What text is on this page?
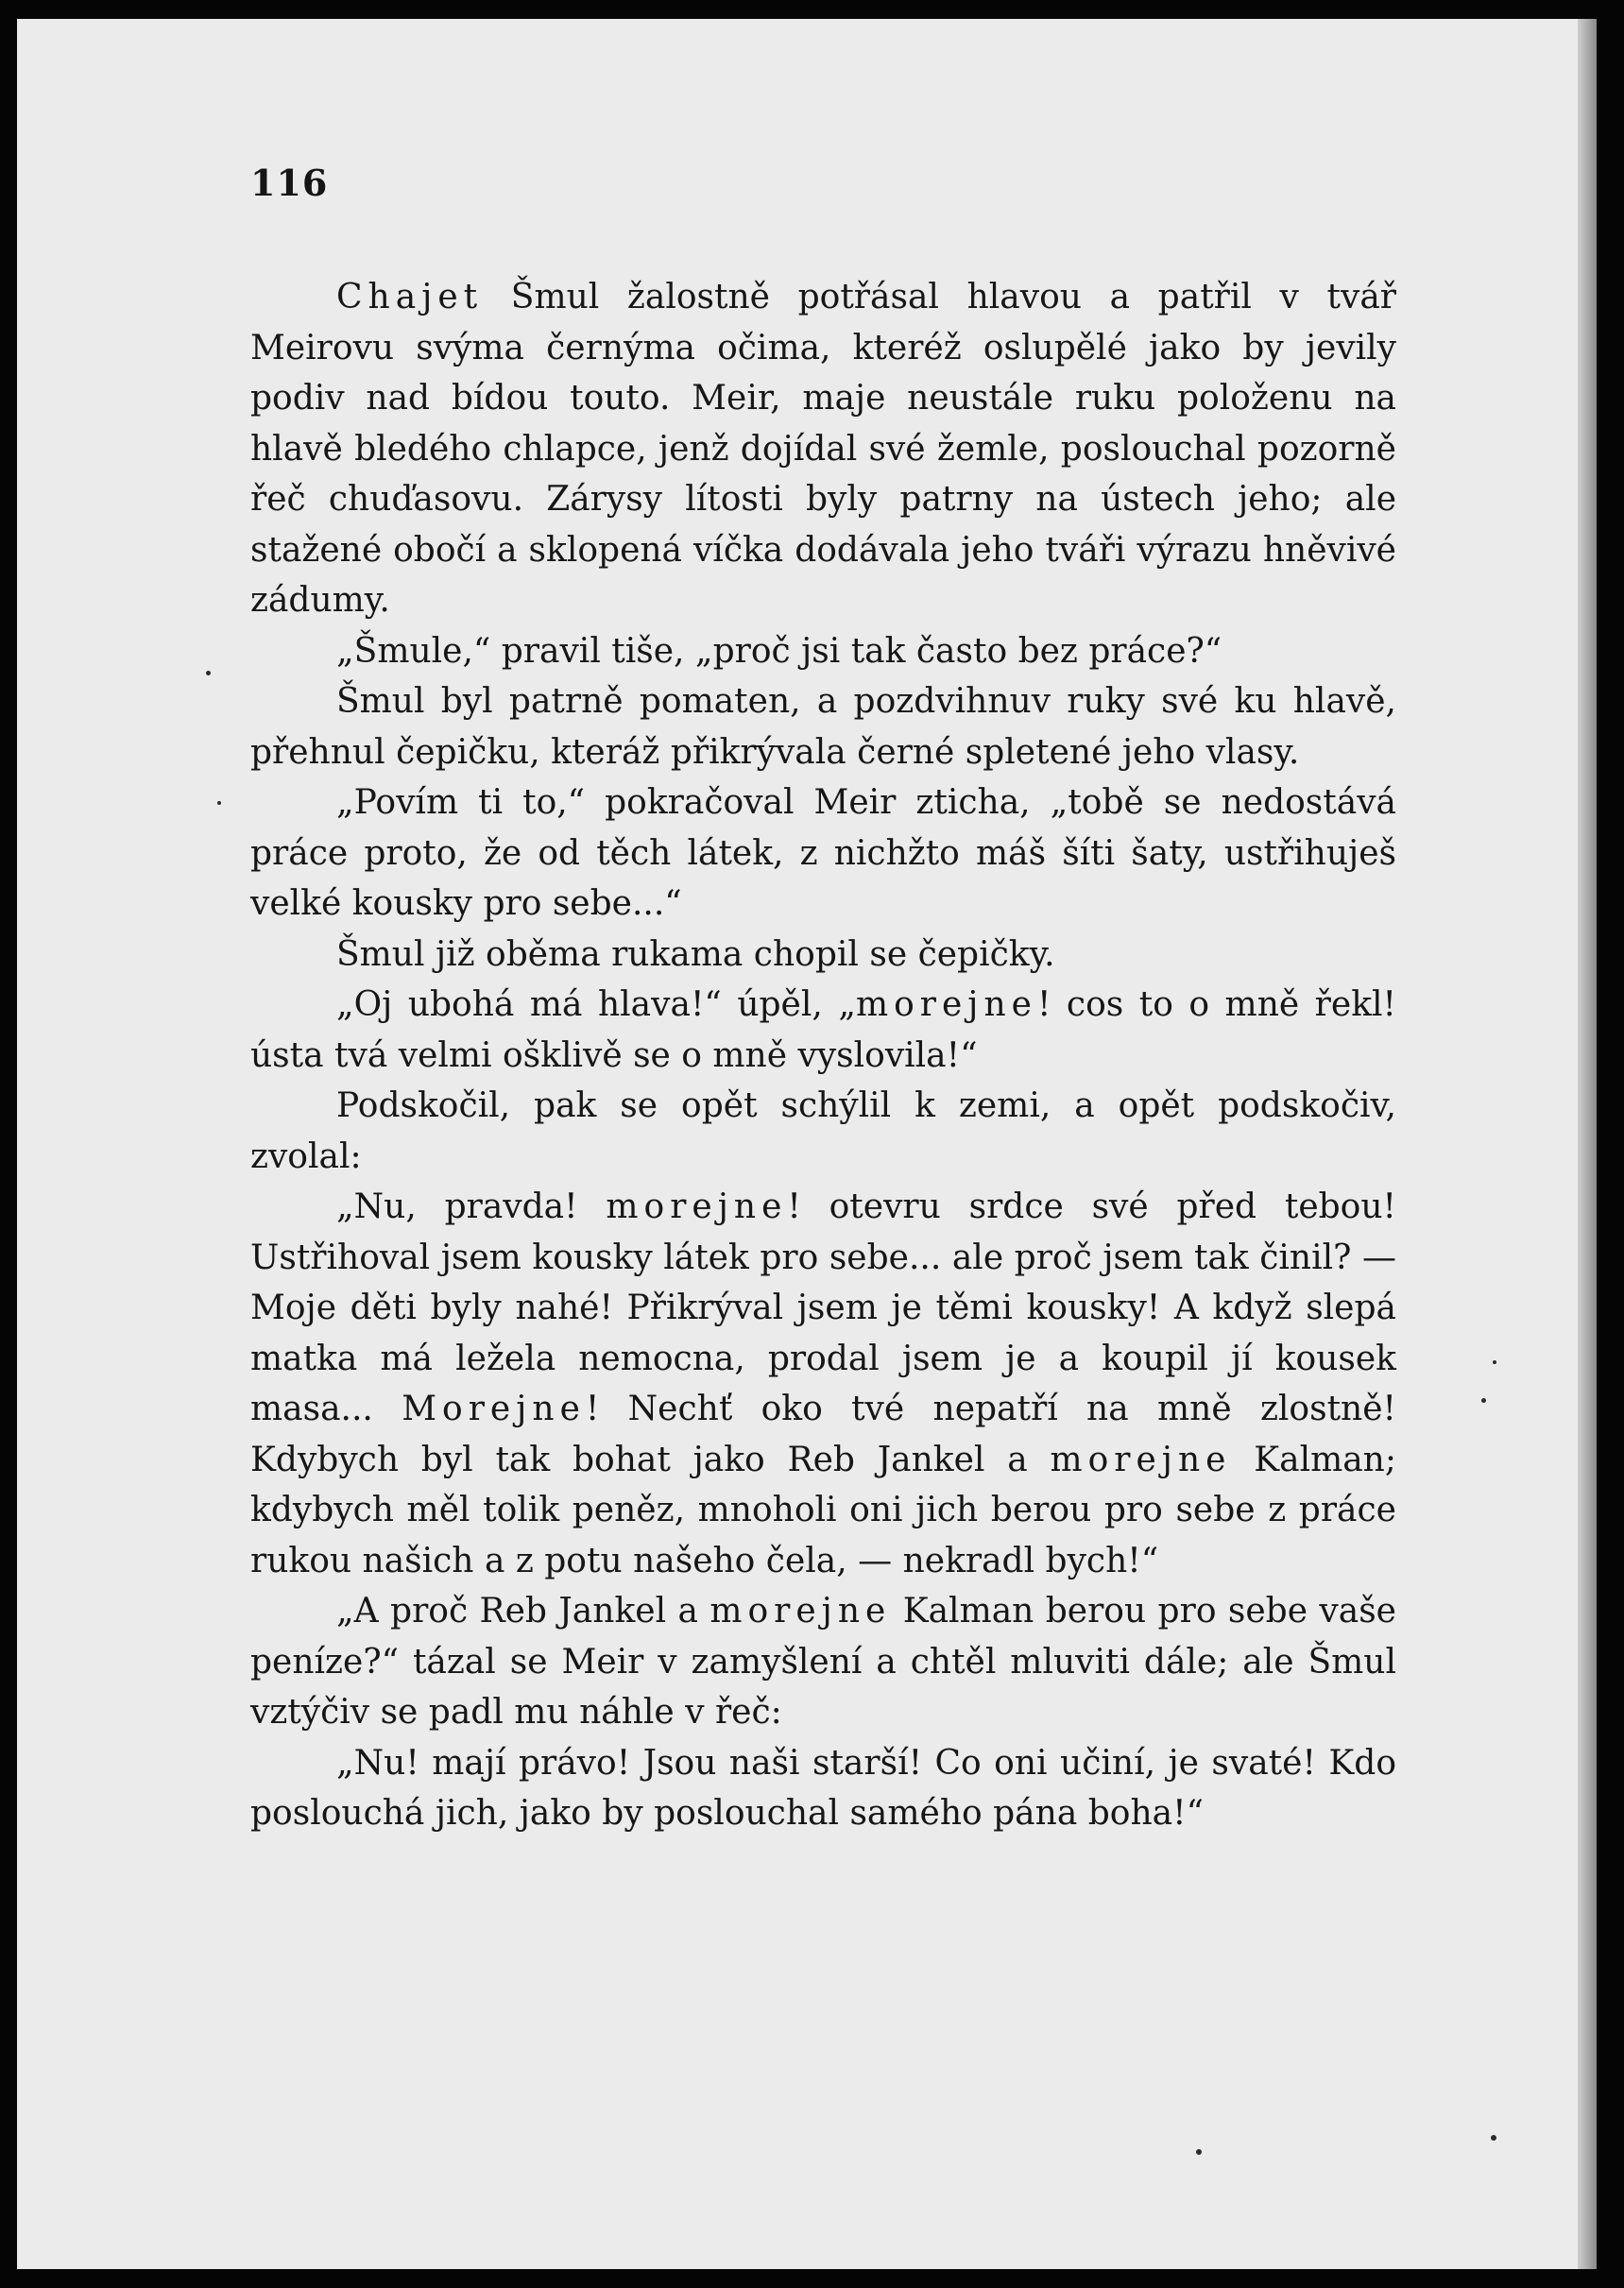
116

Chajet Šmul žalostně potřásal hlavou a patřil v tvář Meirovu svýma černýma očima, kteréž oslupělé jako by jevily podiv nad bídou touto. Meir, maje neustále ruku položenu na hlavě bledého chlapce, jenž dojídal své žemle, poslouchal pozorně řeč chuďasovu. Zárysy lítosti byly patrny na ústech jeho; ale stažené obočí a sklopená víčka dodávala jeho tváři výrazu hněvivé zádumy.

„Šmule,“ pravil tiše, „proč jsi tak často bez práce?“

Šmul byl patrně pomaten, a pozdvihnuv ruky své ku hlavě, přehnul čepičku, kteráž přikrývala černé spletené jeho vlasy.

„Povím ti to,“ pokračoval Meir zticha, „tobě se nedostává práce proto, že od těch látek, z nichžto máš šíti šaty, ustřihuješ velké kousky pro sebe...“

Šmul již oběma rukama chopil se čepičky.

„Oj ubohá má hlava!“ úpěl, „morejne! cos to o mně řekl! ústa tvá velmi ošklivě se o mně vyslovila!“

Podskočil, pak se opět schýlil k zemi, a opět podskočiv, zvolal:

„Nu, pravda! morejne! otevru srdce své před tebou! Ustřihoval jsem kousky látek pro sebe... ale proč jsem tak činil? — Moje děti byly nahé! Přikrýval jsem je těmi kousky! A když slepá matka má ležela nemocna, prodal jsem je a koupil jí kousek masa... Morejne! Nechť oko tvé nepatří na mně zlostně! Kdybych byl tak bohat jako Reb Jankel a morejne Kalman; kdybych měl tolik peněz, mnoholi oni jich berou pro sebe z práce rukou našich a z potu našeho čela, — nekradl bych!“

„A proč Reb Jankel a morejne Kalman berou pro sebe vaše peníze?“ tázal se Meir v zamyšlení a chtěl mluviti dále; ale Šmul vztýčiv se padl mu náhle v řeč:

„Nu! mají právo! Jsou naši starší! Co oni učiní, je svaté! Kdo poslouchá jich, jako by poslouchal samého pána boha!“
